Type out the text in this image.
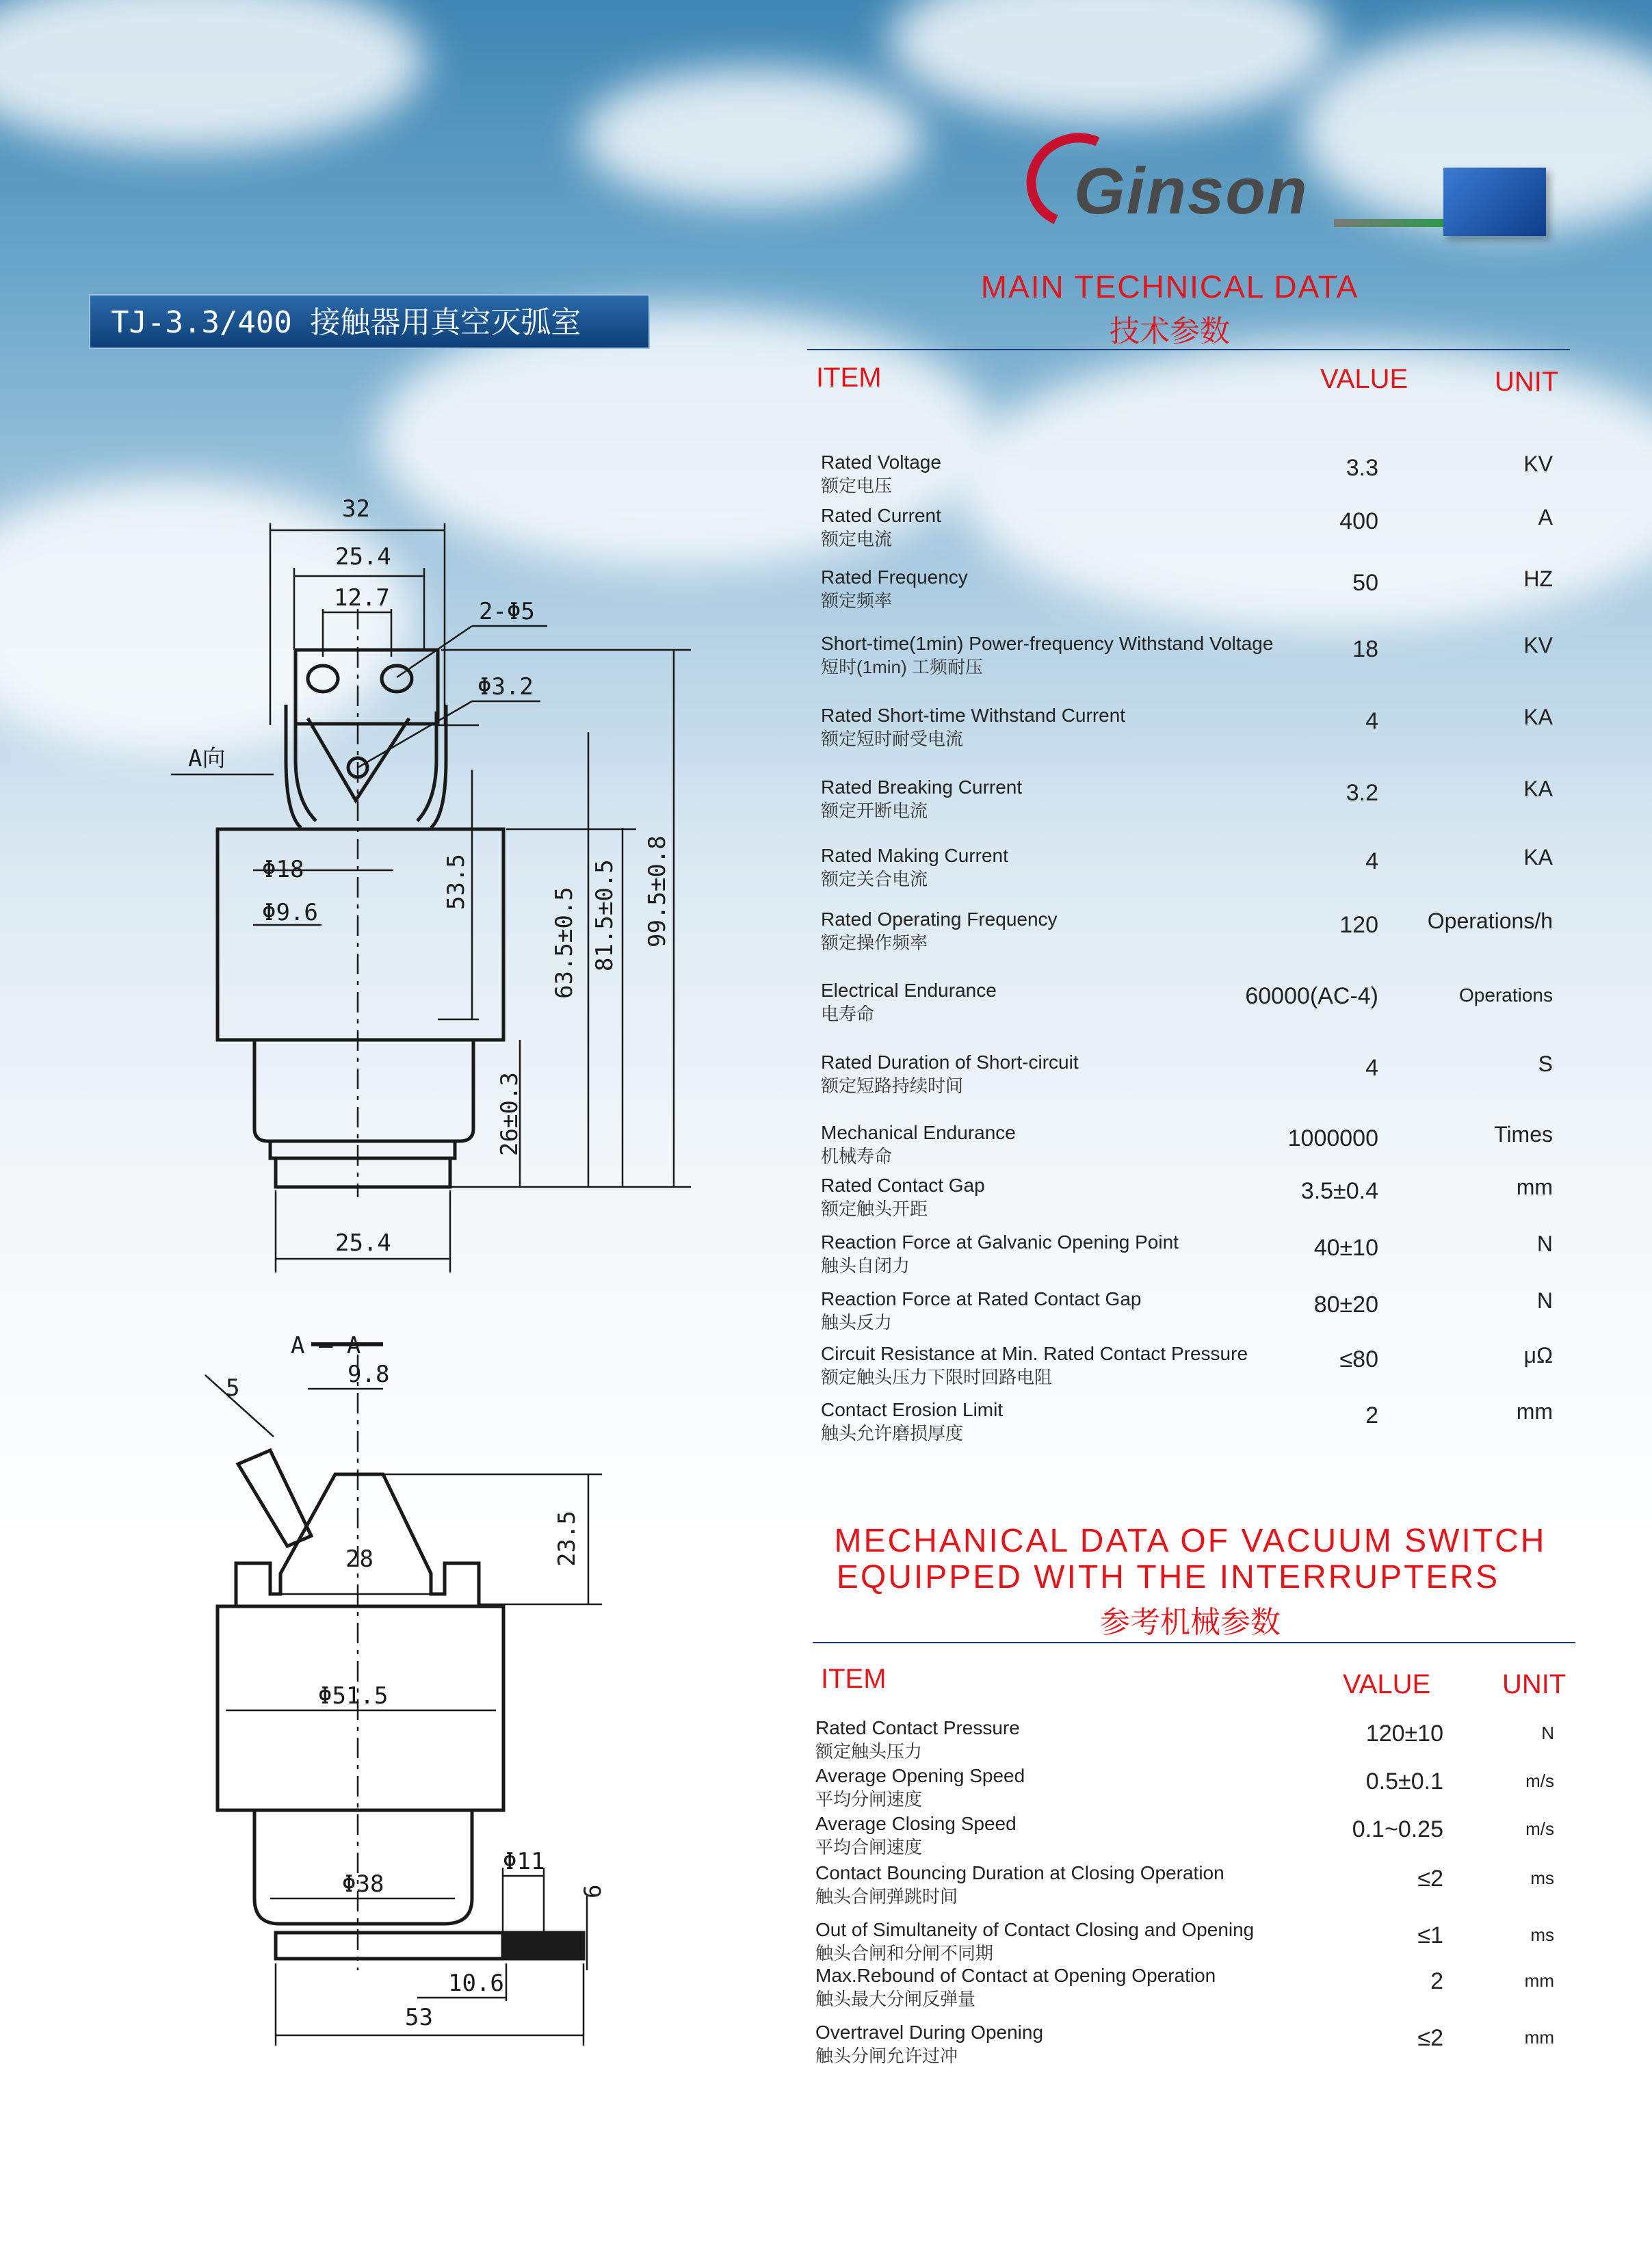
Ginson
TJ-3.3/400 接触器用真空灭弧室
MAIN TECHNICAL DATA
技术参数
ITEM	VALUE	UNIT
Rated Voltage
额定电压
3.3	KV
Rated Current
额定电流
400	A
Rated Frequency
额定频率
50	HZ
Short-time(1min) Power-frequency Withstand Voltage
短时(1min) 工频耐压
18	KV
Rated Short-time Withstand Current
额定短时耐受电流
4	KA
Rated Breaking Current
额定开断电流
3.2	KA
Rated Making Current
额定关合电流
4	KA
Rated Operating Frequency
额定操作频率
120	Operations/h
Electrical Endurance
电寿命
60000(AC-4)	Operations
Rated Duration of Short-circuit
额定短路持续时间
4	S
Mechanical Endurance
机械寿命
1000000	Times
Rated Contact Gap
额定触头开距
3.5±0.4	mm
Reaction Force at Galvanic Opening Point
触头自闭力
40±10	N
Reaction Force at Rated Contact Gap
触头反力
80±20	N
Circuit Resistance at Min. Rated Contact Pressure
额定触头压力下限时回路电阻
≤80	μΩ
Contact Erosion Limit
触头允许磨损厚度
2	mm
MECHANICAL DATA OF VACUUM SWITCH
EQUIPPED WITH THE INTERRUPTERS
参考机械参数
ITEM	VALUE	UNIT
Rated Contact Pressure
额定触头压力
120±10	N
Average Opening Speed
平均分闸速度
0.5±0.1	m/s
Average Closing Speed
平均合闸速度
0.1~0.25	m/s
Contact Bouncing Duration at Closing Operation
触头合闸弹跳时间
≤2	ms
Out of Simultaneity of Contact Closing and Opening
触头合闸和分闸不同期
≤1	ms
Max.Rebound of Contact at Opening Operation
触头最大分闸反弹量
2	mm
Overtravel During Opening
触头分闸允许过冲
≤2	mm
32
25.4
12.7	2-Φ5
Φ3.2
A向
Φ18
Φ9.6
53.5
63.5±0.5 81.5±0.5 99.5±0.8
26±0.3
25.4
A — A
5	9.8
28	23.5
Φ51.5
Φ38
Φ11
6
10.6
53
